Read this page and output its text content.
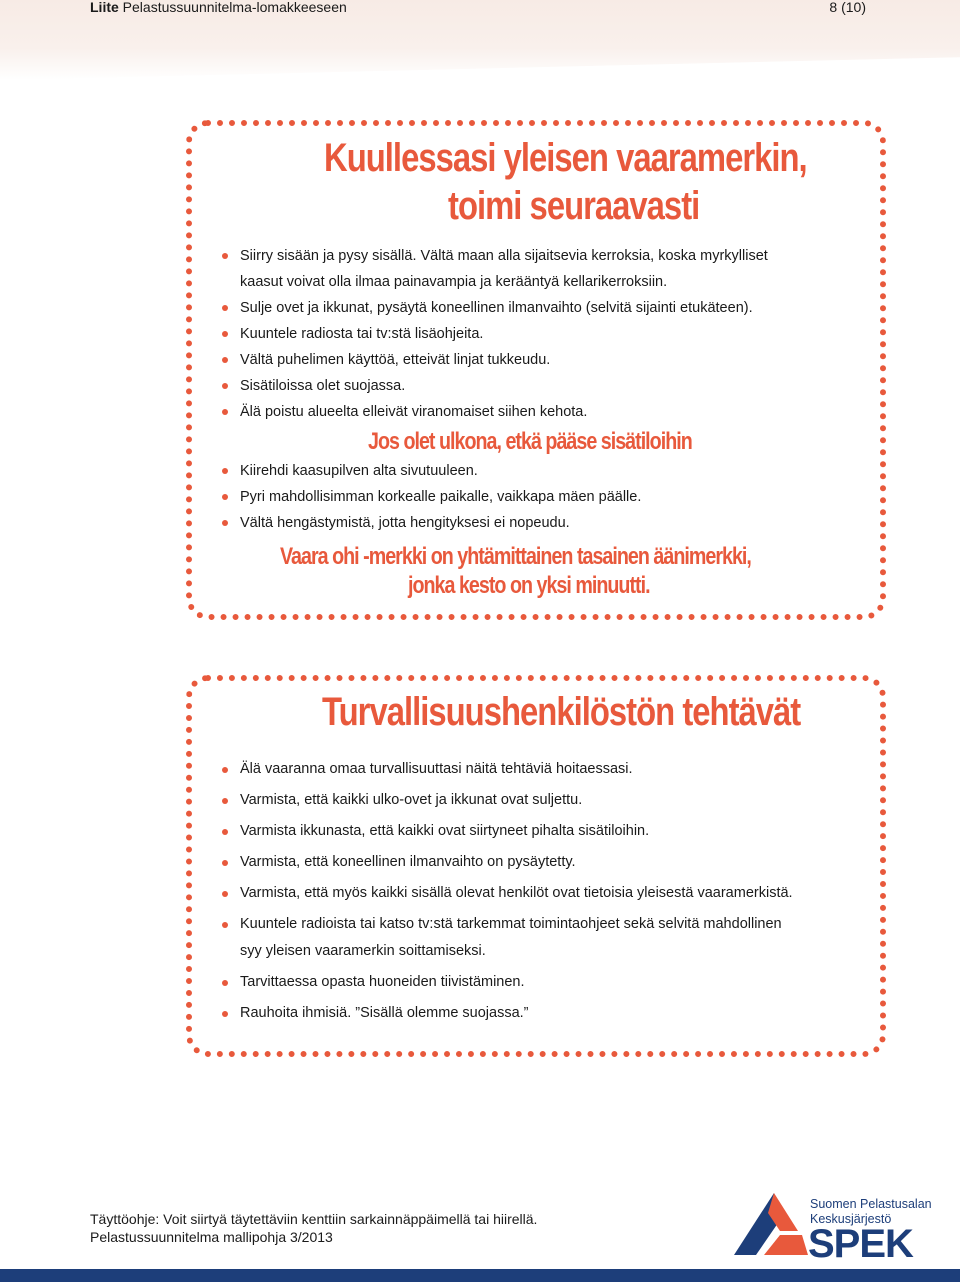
Liite Pelastussuunnitelma-lomakkeeseen	8 (10)
Kuullessasi yleisen vaaramerkin,
toimi seuraavasti
Siirry sisään ja pysy sisällä. Vältä maan alla sijaitsevia kerroksia, koska myrkylliset
kaasut voivat olla ilmaa painavampia ja kerääntyä kellarikerroksiin.
Sulje ovet ja ikkunat, pysäytä koneellinen ilmanvaihto (selvitä sijainti etukäteen).
Kuuntele radiosta tai tv:stä lisäohjeita.
Vältä puhelimen käyttöä, etteivät linjat tukkeudu.
Sisätiloissa olet suojassa.
Älä poistu alueelta elleivät viranomaiset siihen kehota.
Jos olet ulkona, etkä pääse sisätiloihin
Kiirehdi kaasupilven alta sivutuuleen.
Pyri mahdollisimman korkealle paikalle, vaikkapa mäen päälle.
Vältä hengästymistä, jotta hengityksesi ei nopeudu.
Vaara ohi -merkki on yhtämittainen tasainen äänimerkki,
jonka kesto on yksi minuutti.
Turvallisuushenkilöstön tehtävät
Älä vaaranna omaa turvallisuuttasi näitä tehtäviä hoitaessasi.
Varmista, että kaikki ulko-ovet ja ikkunat ovat suljettu.
Varmista ikkunasta, että kaikki ovat siirtyneet pihalta sisätiloihin.
Varmista, että koneellinen ilmanvaihto on pysäytetty.
Varmista, että myös kaikki sisällä olevat henkilöt ovat tietoisia yleisestä vaaramerkistä.
Kuuntele radioista tai katso tv:stä tarkemmat toimintaohjeet sekä selvitä mahdollinen
syy yleisen vaaramerkin soittamiseksi.
Tarvittaessa opasta huoneiden tiivistäminen.
Rauhoita ihmisiä. ”Sisällä olemme suojassa.”
Täyttöohje: Voit siirtyä täytettäviin kenttiin sarkainnäppäimellä tai hiirellä.
Pelastussuunnitelma mallipohja 3/2013
Suomen Pelastusalan
Keskusjärjestö
SPEK
